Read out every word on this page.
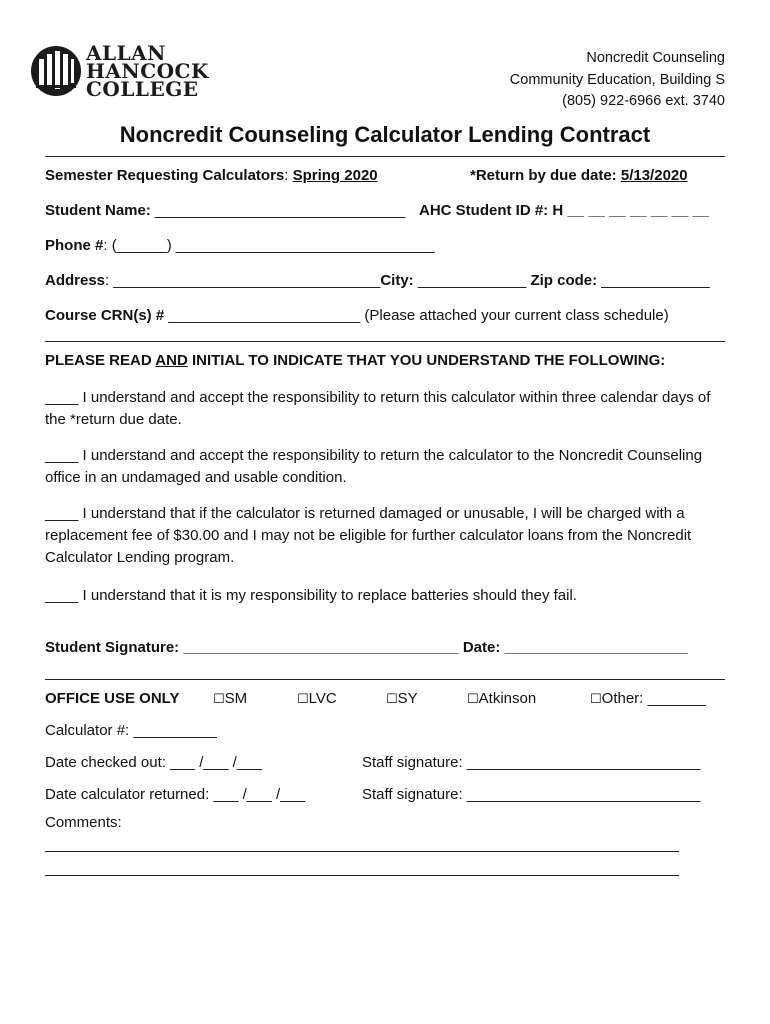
ALLAN
HANCOCK
COLLEGE
Noncredit Counseling
Community Education, Building S
(805) 922-6966 ext. 3740
Noncredit Counseling Calculator Lending Contract
Semester Requesting Calculators: Spring 2020	*Return by due date: 5/13/2020
Student Name: ______________________________ AHC Student ID #: H __ __ __ __ __ __ __
Phone #: (______) _______________________________
Address: ________________________________City: _____________ Zip code: _____________
Course CRN(s) # _______________________ (Please attached your current class schedule)
PLEASE READ AND INITIAL TO INDICATE THAT YOU UNDERSTAND THE FOLLOWING:
____ I understand and accept the responsibility to return this calculator within three calendar days of the *return due date.
____ I understand and accept the responsibility to return the calculator to the Noncredit Counseling office in an undamaged and usable condition.
____ I understand that if the calculator is returned damaged or unusable, I will be charged with a replacement fee of $30.00 and I may not be eligible for further calculator loans from the Noncredit Calculator Lending program.
____ I understand that it is my responsibility to replace batteries should they fail.
Student Signature: _________________________________ Date: ______________________
OFFICE USE ONLY	☐SM	☐LVC	☐SY	☐Atkinson	☐Other: _______
Calculator #: __________
Date checked out: ___ /___ /___	Staff signature: ____________________________
Date calculator returned: ___ /___ /___	Staff signature: ____________________________
Comments:
____________________________________________________________________________
____________________________________________________________________________
